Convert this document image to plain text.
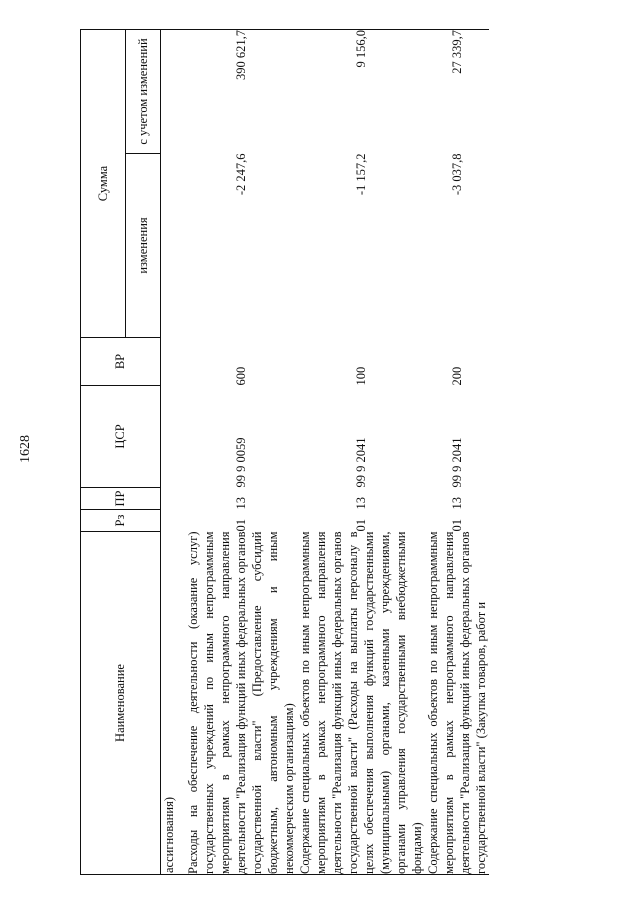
1628
Наименование	Рз	ПР	ЦСР	ВР	Сумма	
					изменения	с учетом изменений
ассигнования)						
Расходы на обеспечение деятельности (оказание услуг) государственных учреждений по иным непрограммным мероприятиям в рамках непрограммного направления деятельности "Реализация функций иных федеральных органов государственной власти" (Предоставление субсидий бюджетным, автономным учреждениям и иным некоммерческим организациям)	01	13	99 9 0059	600	-2 247,6	390 621,7
Содержание специальных объектов по иным непрограммным мероприятиям в рамках непрограммного направления деятельности "Реализация функций иных федеральных органов государственной власти" (Расходы на выплаты персоналу в целях обеспечения выполнения функций государственными (муниципальными) органами, казенными учреждениями, органами управления государственными внебюджетными фондами)	01	13	99 9 2041	100	-1 157,2	9 156,0
Содержание специальных объектов по иным непрограммным мероприятиям в рамках непрограммного направления деятельности "Реализация функций иных федеральных органов государственной власти" (Закупка товаров, работ и	01	13	99 9 2041	200	-3 037,8	27 339,7
